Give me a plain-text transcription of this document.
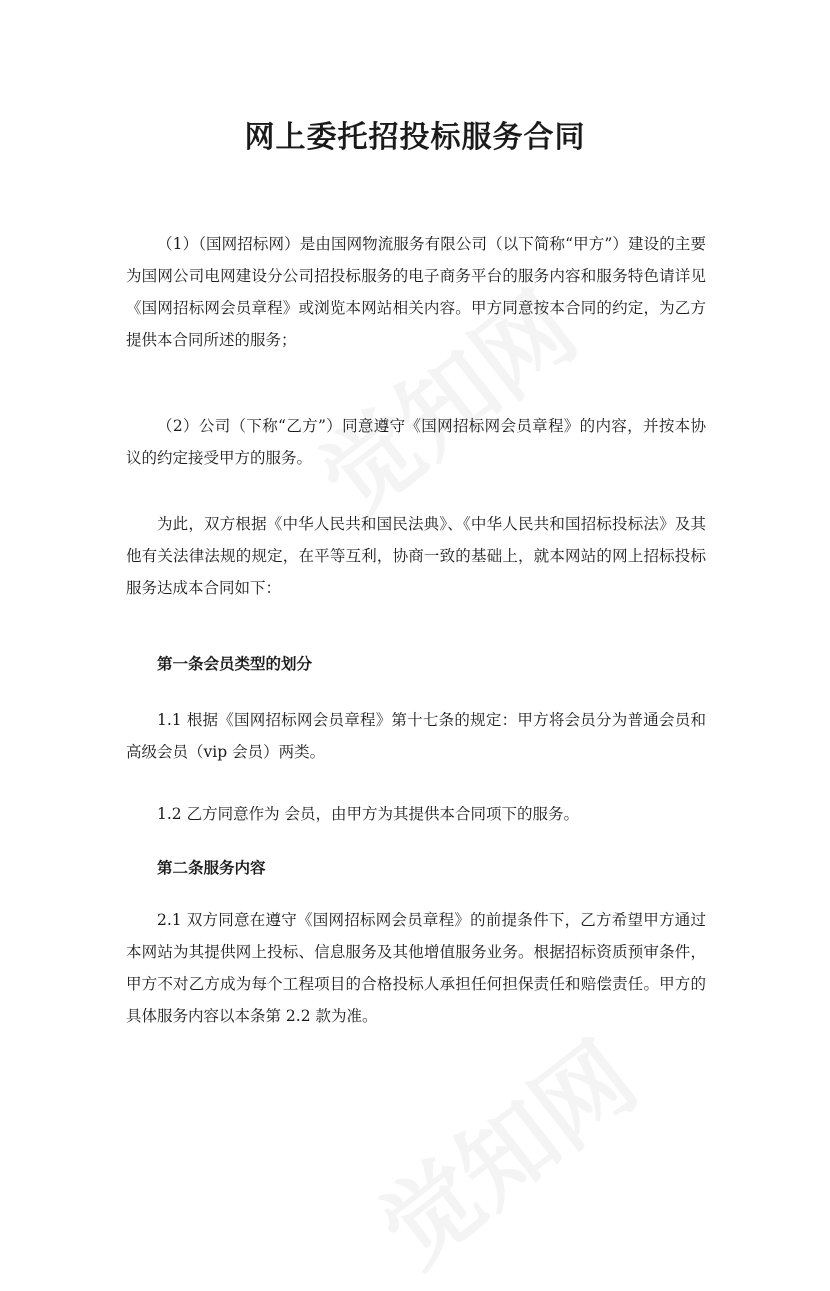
网上委托招投标服务合同

（1）（国网招标网）是由国网物流服务有限公司（以下简称“甲方”）建设的主要为国网公司电网建设分公司招投标服务的电子商务平台的服务内容和服务特色请详见《国网招标网会员章程》或浏览本网站相关内容。甲方同意按本合同的约定，为乙方提供本合同所述的服务；

（2）公司（下称“乙方”）同意遵守《国网招标网会员章程》的内容，并按本协议的约定接受甲方的服务。

为此，双方根据《中华人民共和国民法典》、《中华人民共和国招标投标法》及其他有关法律法规的规定，在平等互利，协商一致的基础上，就本网站的网上招标投标服务达成本合同如下：

第一条会员类型的划分

1.1 根据《国网招标网会员章程》第十七条的规定：甲方将会员分为普通会员和高级会员（vip 会员）两类。

1.2 乙方同意作为 会员，由甲方为其提供本合同项下的服务。

第二条服务内容

2.1 双方同意在遵守《国网招标网会员章程》的前提条件下，乙方希望甲方通过本网站为其提供网上投标、信息服务及其他增值服务业务。根据招标资质预审条件，甲方不对乙方成为每个工程项目的合格投标人承担任何担保责任和赔偿责任。甲方的具体服务内容以本条第 2.2 款为准。
